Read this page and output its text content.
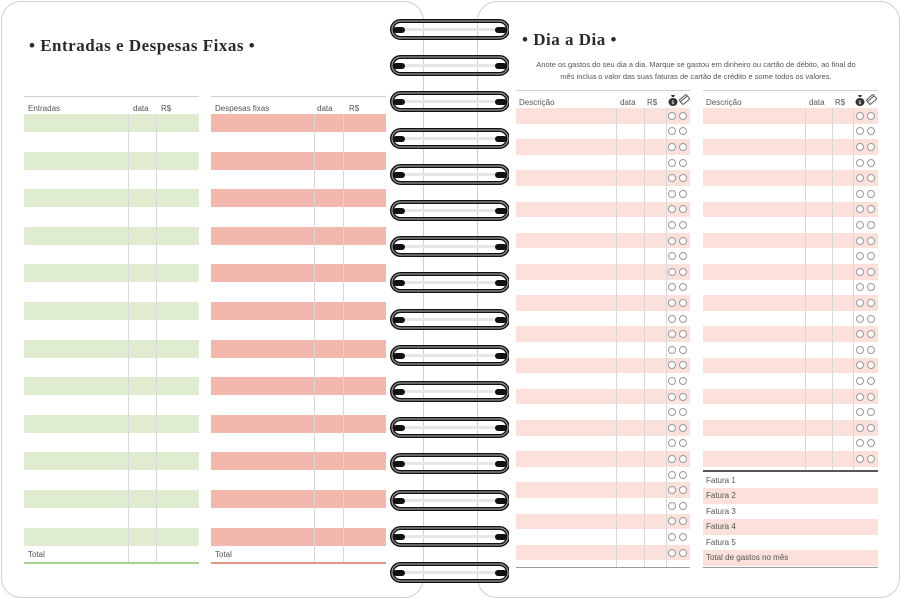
• Entradas e Despesas Fixas •
Entradas	data R$
Total
Despesas fixas	data R$
Total
• Dia a Dia •
Anote os gastos do seu dia a dia. Marque se gastou em dinheiro ou cartão de débito, ao final do
mês inclua o valor das suas faturas de cartão de crédito e some todos os valores.
Descrição	data R$	$	Descrição	data R$	$
Fatura 1
Fatura 2
Fatura 3
Fatura 4
Fatura 5
Total de gastos no mês
